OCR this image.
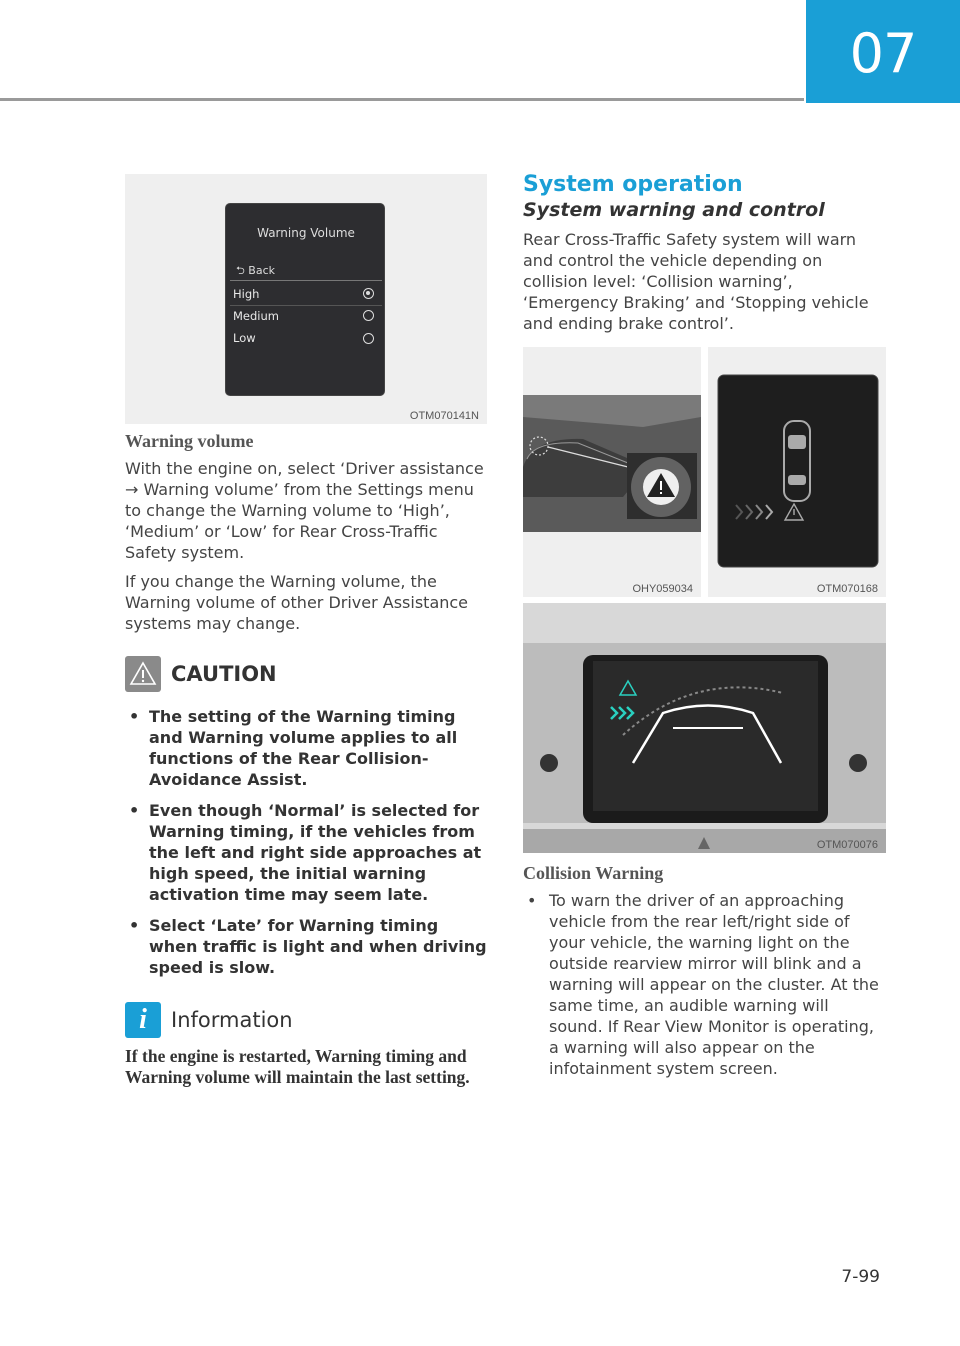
07
Warning Volume
⮌ Back
High
Medium
Low
OTM070141N
Warning volume

With the engine on, select ‘Driver assistance → Warning volume’ from the Settings menu to change the Warning volume to ‘High’, ‘Medium’ or ‘Low’ for Rear Cross-Traffic Safety system.

If you change the Warning volume, the Warning volume of other Driver Assistance systems may change.

CAUTION
• The setting of the Warning timing and Warning volume applies to all functions of the Rear Collision-Avoidance Assist.
• Even though ‘Normal’ is selected for Warning timing, if the vehicles from the left and right side approaches at high speed, the initial warning activation time may seem late.
• Select ‘Late’ for Warning timing when traffic is light and when driving speed is slow.
i	Information

If the engine is restarted, Warning timing and Warning volume will maintain the last setting.

System operation
System warning and control

Rear Cross-Traffic Safety system will warn and control the vehicle depending on collision level: ‘Collision warning’, ‘Emergency Braking’ and ‘Stopping vehicle and ending brake control’.

OHY059034	OTM070168
OTM070076
Collision Warning
• To warn the driver of an approaching vehicle from the rear left/right side of your vehicle, the warning light on the outside rearview mirror will blink and a warning will appear on the cluster. At the same time, an audible warning will sound. If Rear View Monitor is operating, a warning will also appear on the infotainment system screen.
7-99
